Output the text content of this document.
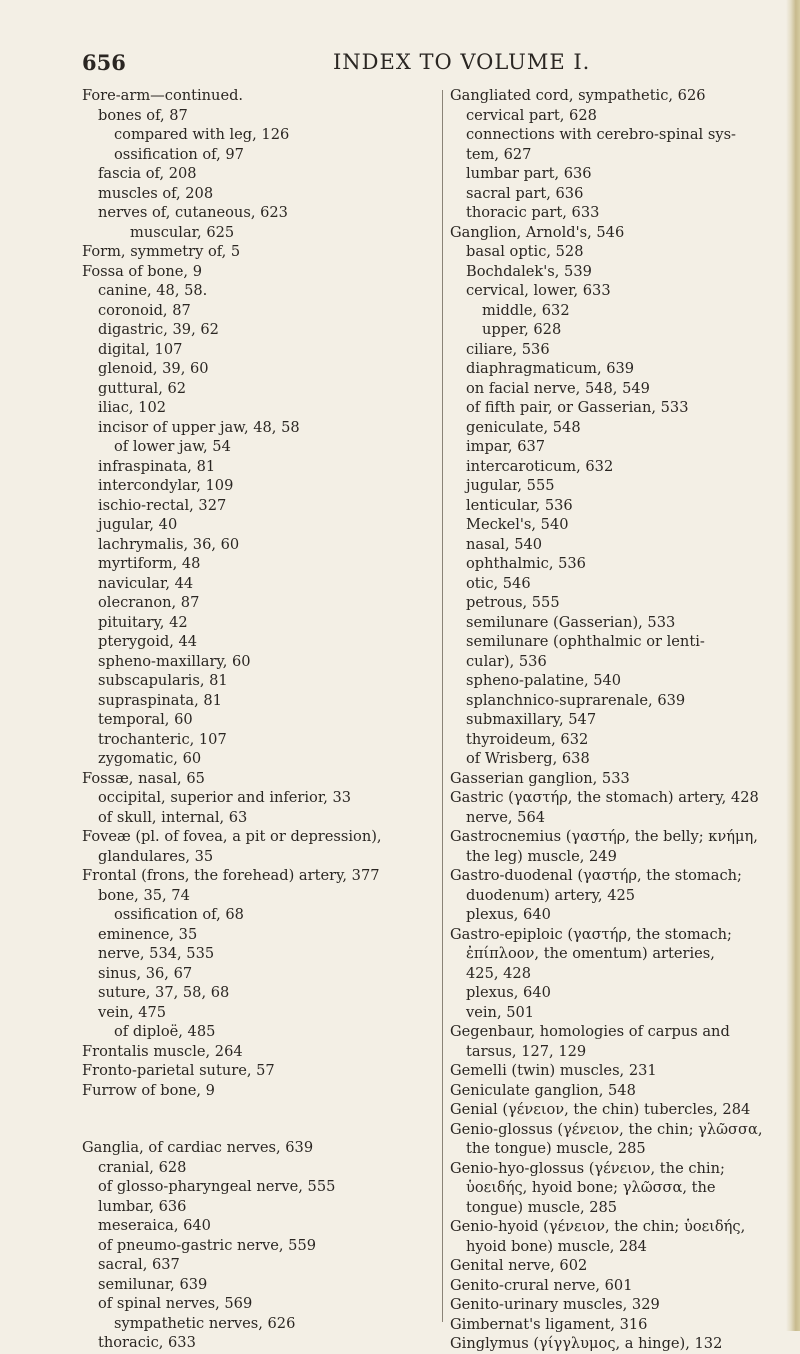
656	INDEX TO VOLUME I.
Fore-arm—continued.
bones of, 87
compared with leg, 126
ossification of, 97
fascia of, 208
muscles of, 208
nerves of, cutaneous, 623
muscular, 625
Form, symmetry of, 5
Fossa of bone, 9
canine, 48, 58.
coronoid, 87
digastric, 39, 62
digital, 107
glenoid, 39, 60
guttural, 62
iliac, 102
incisor of upper jaw, 48, 58
of lower jaw, 54
infraspinata, 81
intercondylar, 109
ischio-rectal, 327
jugular, 40
lachrymalis, 36, 60
myrtiform, 48
navicular, 44
olecranon, 87
pituitary, 42
pterygoid, 44
spheno-maxillary, 60
subscapularis, 81
supraspinata, 81
temporal, 60
trochanteric, 107
zygomatic, 60
Fossæ, nasal, 65
occipital, superior and inferior, 33
of skull, internal, 63
Foveæ (pl. of fovea, a pit or depression),
glandulares, 35
Frontal (frons, the forehead) artery, 377
bone, 35, 74
ossification of, 68
eminence, 35
nerve, 534, 535
sinus, 36, 67
suture, 37, 58, 68
vein, 475
of diploë, 485
Frontalis muscle, 264
Fronto-parietal suture, 57
Furrow of bone, 9
Ganglia, of cardiac nerves, 639
cranial, 628
of glosso-pharyngeal nerve, 555
lumbar, 636
meseraica, 640
of pneumo-gastric nerve, 559
sacral, 637
semilunar, 639
of spinal nerves, 569
sympathetic nerves, 626
thoracic, 633
Gangliated cord, sympathetic, 626
cervical part, 628
connections with cerebro-spinal sys-
tem, 627
lumbar part, 636
sacral part, 636
thoracic part, 633
Ganglion, Arnold's, 546
basal optic, 528
Bochdalek's, 539
cervical, lower, 633
middle, 632
upper, 628
ciliare, 536
diaphragmaticum, 639
on facial nerve, 548, 549
of fifth pair, or Gasserian, 533
geniculate, 548
impar, 637
intercaroticum, 632
jugular, 555
lenticular, 536
Meckel's, 540
nasal, 540
ophthalmic, 536
otic, 546
petrous, 555
semilunare (Gasserian), 533
semilunare (ophthalmic or lenti-
cular), 536
spheno-palatine, 540
splanchnico-suprarenale, 639
submaxillary, 547
thyroideum, 632
of Wrisberg, 638
Gasserian ganglion, 533
Gastric (γαστήρ, the stomach) artery, 428
nerve, 564
Gastrocnemius (γαστήρ, the belly; κνήμη,
the leg) muscle, 249
Gastro-duodenal (γαστήρ, the stomach;
duodenum) artery, 425
plexus, 640
Gastro-epiploic (γαστήρ, the stomach;
ἐπίπλοον, the omentum) arteries,
425, 428
plexus, 640
vein, 501
Gegenbaur, homologies of carpus and
tarsus, 127, 129
Gemelli (twin) muscles, 231
Geniculate ganglion, 548
Genial (γένειον, the chin) tubercles, 284
Genio-glossus (γένειον, the chin; γλῶσσα,
the tongue) muscle, 285
Genio-hyo-glossus (γένειον, the chin;
ὑοειδής, hyoid bone; γλῶσσα, the
tongue) muscle, 285
Genio-hyoid (γένειον, the chin; ὑοειδής,
hyoid bone) muscle, 284
Genital nerve, 602
Genito-crural nerve, 601
Genito-urinary muscles, 329
Gimbernat's ligament, 316
Ginglymus (γίγγλυμος, a hinge), 132
